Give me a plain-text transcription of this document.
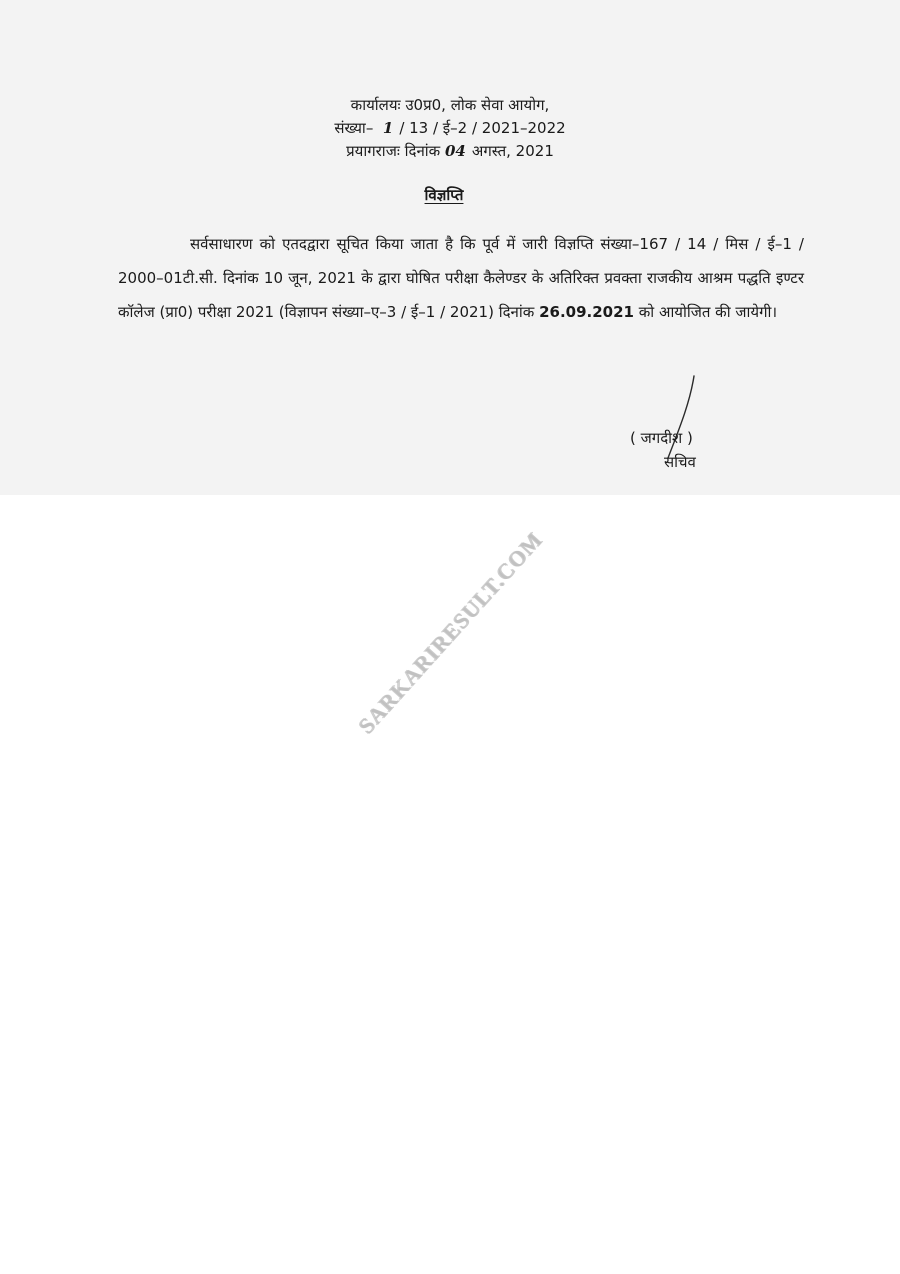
कार्यालयः उ0प्र0, लोक सेवा आयोग,
संख्या– 1 / 13 / ई–2 / 2021–2022
प्रयागराजः दिनांक 04 अगस्त, 2021
विज्ञप्ति

सर्वसाधारण को एतदद्वारा सूचित किया जाता है कि पूर्व में जारी विज्ञप्ति संख्या–167 / 14 / मिस / ई–1 / 2000–01टी.सी. दिनांक 10 जून, 2021 के द्वारा घोषित परीक्षा कैलेण्डर के अतिरिक्त प्रवक्ता राजकीय आश्रम पद्धति इण्टर कॉलेज (प्रा0) परीक्षा 2021 (विज्ञापन संख्या–ए–3 / ई–1 / 2021) दिनांक 26.09.2021 को आयोजित की जायेगी।

( जगदीश )
सचिव
SARKARIRESULT.COM
